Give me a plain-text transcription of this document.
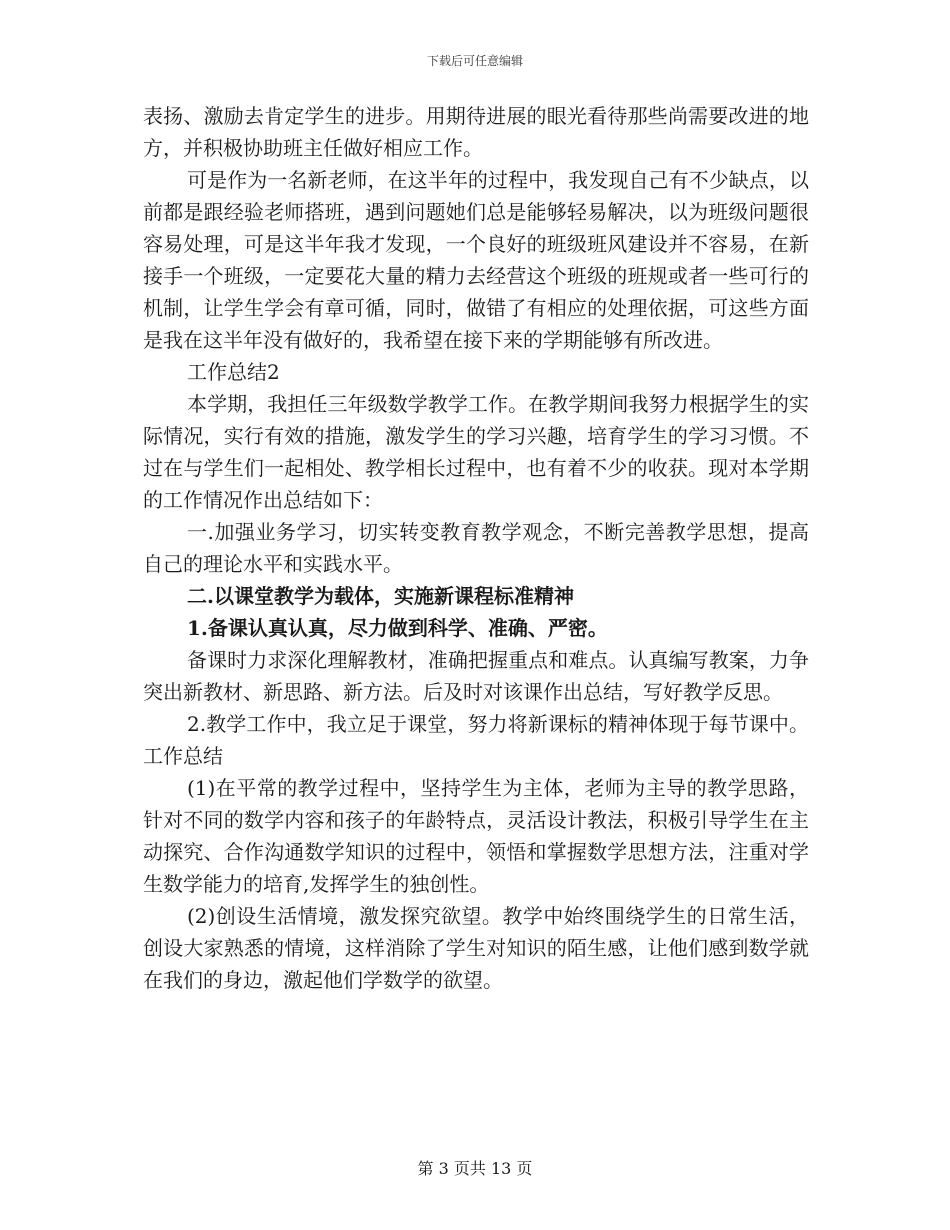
下载后可任意编辑

表扬、激励去肯定学生的进步。用期待进展的眼光看待那些尚需要改进的地方，并积极协助班主任做好相应工作。

可是作为一名新老师，在这半年的过程中，我发现自己有不少缺点，以前都是跟经验老师搭班，遇到问题她们总是能够轻易解决，以为班级问题很容易处理，可是这半年我才发现，一个良好的班级班风建设并不容易，在新接手一个班级，一定要花大量的精力去经营这个班级的班规或者一些可行的机制，让学生学会有章可循，同时，做错了有相应的处理依据，可这些方面是我在这半年没有做好的，我希望在接下来的学期能够有所改进。

工作总结2

本学期，我担任三年级数学教学工作。在教学期间我努力根据学生的实际情况，实行有效的措施，激发学生的学习兴趣，培育学生的学习习惯。不过在与学生们一起相处、教学相长过程中，也有着不少的收获。现对本学期的工作情况作出总结如下：

一.加强业务学习，切实转变教育教学观念，不断完善教学思想，提高自己的理论水平和实践水平。

二.以课堂教学为载体，实施新课程标准精神

1.备课认真认真，尽力做到科学、准确、严密。

备课时力求深化理解教材，准确把握重点和难点。认真编写教案，力争突出新教材、新思路、新方法。后及时对该课作出总结，写好教学反思。

2.教学工作中，我立足于课堂，努力将新课标的精神体现于每节课中。工作总结

(1)在平常的教学过程中，坚持学生为主体，老师为主导的教学思路，针对不同的数学内容和孩子的年龄特点，灵活设计教法，积极引导学生在主动探究、合作沟通数学知识的过程中，领悟和掌握数学思想方法，注重对学生数学能力的培育,发挥学生的独创性。

(2)创设生活情境，激发探究欲望。教学中始终围绕学生的日常生活，创设大家熟悉的情境，这样消除了学生对知识的陌生感，让他们感到数学就在我们的身边，激起他们学数学的欲望。

第 3 页共 13 页
